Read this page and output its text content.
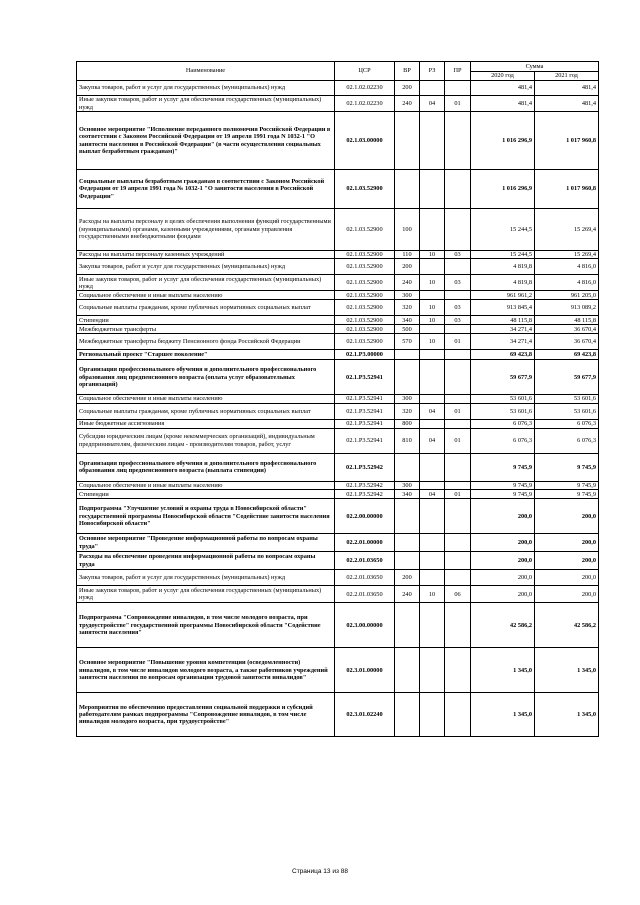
Наименование	ЦСР	ВР	РЗ	ПР	Сумма	
					2020 год	2021 год
Закупка товаров, работ и услуг для государственных (муниципальных) нужд	02.1.02.02230	200			481,4	481,4
Иные закупки товаров, работ и услуг для обеспечения государственных (муниципальных) нужд	02.1.02.02230	240	04	01	481,4	481,4
Основное мероприятие "Исполнение переданного полномочия Российской Федерации в соответствии с Законом Российской Федерации от 19 апреля 1991 года N 1032-1 "О занятости населения в Российской Федерации" (в части осуществления социальных выплат безработным гражданам)"	02.1.03.00000				1 016 296,9	1 017 960,8
Социальные выплаты безработным гражданам в соответствии с Законом Российской Федерации от 19 апреля 1991 года № 1032-1 "О занятости населения в Российской Федерации"	02.1.03.52900				1 016 296,9	1 017 960,8
Расходы на выплаты персоналу в целях обеспечения выполнения функций государственными (муниципальными) органами, казенными учреждениями, органами управления государственными внебюджетными фондами	02.1.03.52900	100			15 244,5	15 269,4
Расходы на выплаты персоналу казенных учреждений	02.1.03.52900	110	10	03	15 244,5	15 269,4
Закупка товаров, работ и услуг для государственных (муниципальных) нужд	02.1.03.52900	200			4 819,8	4 816,0
Иные закупки товаров, работ и услуг для обеспечения государственных (муниципальных) нужд	02.1.03.52900	240	10	03	4 819,8	4 816,0
Социальное обеспечение и иные выплаты населению	02.1.03.52900	300			961 961,2	961 205,0
Социальные выплаты гражданам, кроме публичных нормативных социальных выплат	02.1.03.52900	320	10	03	913 845,4	913 089,2
Стипендии	02.1.03.52900	340	10	03	48 115,8	48 115,8
Межбюджетные трансферты	02.1.03.52900	500			34 271,4	36 670,4
Межбюджетные трансферты бюджету Пенсионного фонда Российской Федерации	02.1.03.52900	570	10	01	34 271,4	36 670,4
Региональный проект "Старшее поколение"	02.1.P3.00000				69 423,8	69 423,8
Организация профессионального обучения и дополнительного профессионального образования лиц предпенсионного возраста (оплата услуг образовательных организаций)	02.1.P3.52941				59 677,9	59 677,9
Социальное обеспечение и иные выплаты населению	02.1.P3.52941	300			53 601,6	53 601,6
Социальные выплаты гражданам, кроме публичных нормативных социальных выплат	02.1.P3.52941	320	04	01	53 601,6	53 601,6
Иные бюджетные ассигнования	02.1.P3.52941	800			6 076,3	6 076,3
Субсидии юридическим лицам (кроме некоммерческих организаций), индивидуальным предпринимателям, физическим лицам - производителям товаров, работ, услуг	02.1.P3.52941	810	04	01	6 076,3	6 076,3
Организация профессионального обучения и дополнительного профессионального образования лиц предпенсионного возраста (выплата стипендии)	02.1.P3.52942				9 745,9	9 745,9
Социальное обеспечение и иные выплаты населению	02.1.P3.52942	300			9 745,9	9 745,9
Стипендии	02.1.P3.52942	340	04	01	9 745,9	9 745,9
Подпрограмма "Улучшение условий и охраны труда в Новосибирской области" государственной программы Новосибирской области "Содействие занятости населения Новосибирской области"	02.2.00.00000				200,0	200,0
Основное мероприятие "Проведение информационной работы по вопросам охраны труда"	02.2.01.00000				200,0	200,0
Расходы на обеспечение проведения информационной работы по вопросам охраны труда	02.2.01.03650				200,0	200,0
Закупка товаров, работ и услуг для государственных (муниципальных) нужд	02.2.01.03650	200			200,0	200,0
Иные закупки товаров, работ и услуг для обеспечения государственных (муниципальных) нужд	02.2.01.03650	240	10	06	200,0	200,0
Подпрограмма "Сопровождение инвалидов, в том числе молодого возраста, при трудоустройстве" государственной программы Новосибирской области "Содействие занятости населения"	02.3.00.00000				42 586,2	42 586,2
Основное мероприятие "Повышение уровня компетенции (осведомленности) инвалидов, в том числе инвалидов молодого возраста, а также работников учреждений занятости населения по вопросам организации трудовой занятости инвалидов"	02.3.01.00000				1 345,0	1 345,0
Мероприятия по обеспечению предоставления социальной поддержки и субсидий работодателям рамках подпрограммы "Сопровождение инвалидов, в том числе инвалидов молодого возраста, при трудоустройстве"	02.3.01.02240				1 345,0	1 345,0
Страница 13 из 88
